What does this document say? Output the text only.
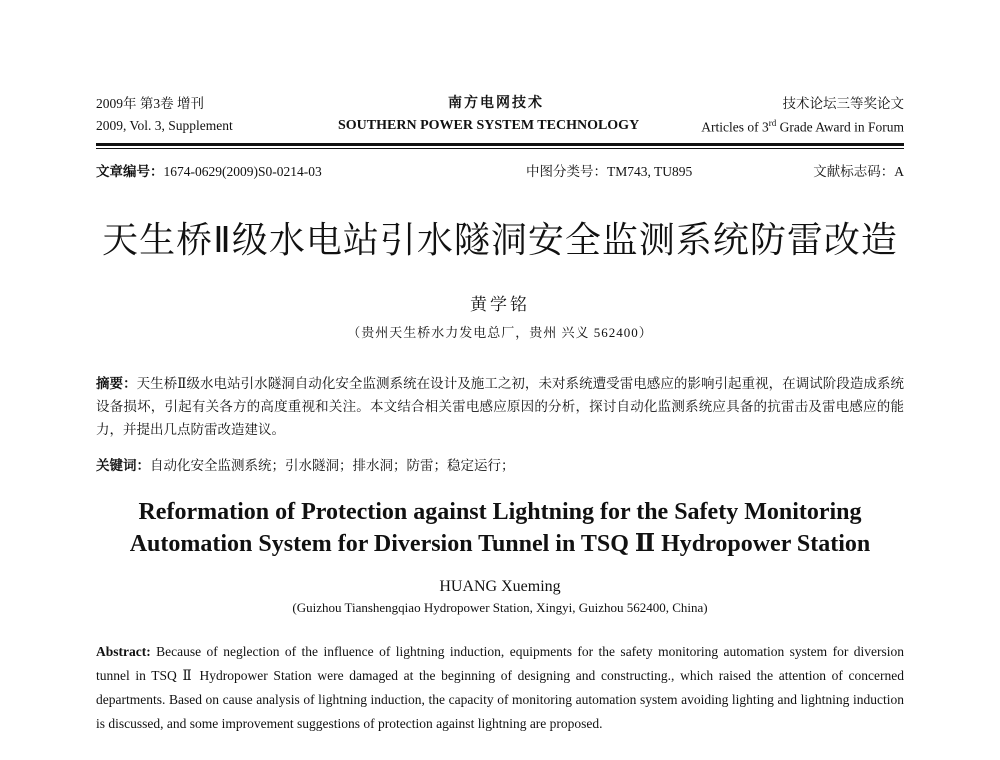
2009年 第3卷 增刊	南方电网技术	技术论坛三等奖论文
2009, Vol. 3, Supplement	SOUTHERN POWER SYSTEM TECHNOLOGY	Articles of 3rd Grade Award in Forum
文章编号：1674-0629(2009)S0-0214-03	中图分类号：TM743, TU895	文献标志码：A
天生桥Ⅱ级水电站引水隧洞安全监测系统防雷改造
黄学铭
（贵州天生桥水力发电总厂，贵州 兴义 562400）
摘要：天生桥Ⅱ级水电站引水隧洞自动化安全监测系统在设计及施工之初，未对系统遭受雷电感应的影响引起重视，在调试阶段造成系统设备损坏，引起有关各方的高度重视和关注。本文结合相关雷电感应原因的分析，探讨自动化监测系统应具备的抗雷击及雷电感应的能力，并提出几点防雷改造建议。
关键词：自动化安全监测系统；引水隧洞；排水洞；防雷；稳定运行；
Reformation of Protection against Lightning for the Safety Monitoring
Automation System for Diversion Tunnel in TSQ Ⅱ Hydropower Station
HUANG Xueming
(Guizhou Tianshengqiao Hydropower Station, Xingyi, Guizhou 562400, China)
Abstract: Because of neglection of the influence of lightning induction, equipments for the safety monitoring automation system for diversion tunnel in TSQ Ⅱ Hydropower Station were damaged at the beginning of designing and constructing., which raised the attention of concerned departments. Based on cause analysis of lightning induction, the capacity of monitoring automation system avoiding lighting and lightning induction is discussed, and some improvement suggestions of protection against lightning are proposed.
